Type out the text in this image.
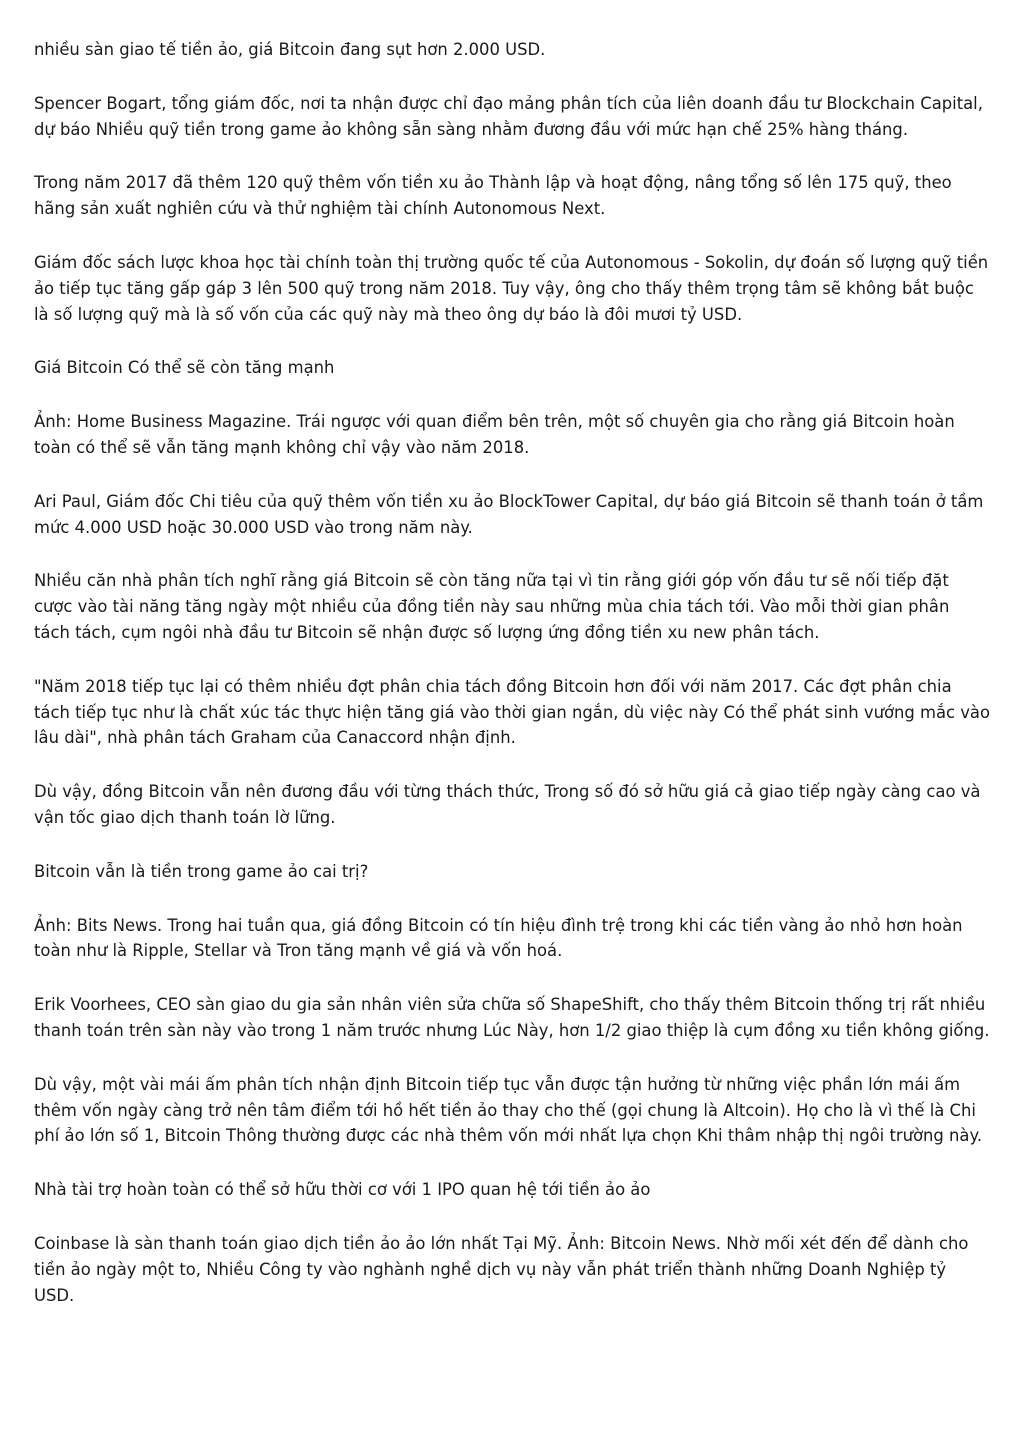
nhiều sàn giao tế tiền ảo, giá Bitcoin đang sụt hơn 2.000 USD.

Spencer Bogart, tổng giám đốc, nơi ta nhận được chỉ đạo mảng phân tích của liên doanh đầu tư Blockchain Capital, dự báo Nhiều quỹ tiền trong game ảo không sẵn sàng nhằm đương đầu với mức hạn chế 25% hàng tháng.

Trong năm 2017 đã thêm 120 quỹ thêm vốn tiền xu ảo Thành lập và hoạt động, nâng tổng số lên 175 quỹ, theo hãng sản xuất nghiên cứu và thử nghiệm tài chính Autonomous Next.

Giám đốc sách lược khoa học tài chính toàn thị trường quốc tế của Autonomous - Sokolin, dự đoán số lượng quỹ tiền ảo tiếp tục tăng gấp gáp 3 lên 500 quỹ trong năm 2018. Tuy vậy, ông cho thấy thêm trọng tâm sẽ không bắt buộc là số lượng quỹ mà là số vốn của các quỹ này mà theo ông dự báo là đôi mươi tỷ USD.

Giá Bitcoin Có thể sẽ còn tăng mạnh

Ảnh: Home Business Magazine. Trái ngược với quan điểm bên trên, một số chuyên gia cho rằng giá Bitcoin hoàn toàn có thể sẽ vẫn tăng mạnh không chỉ vậy vào năm 2018.

Ari Paul, Giám đốc Chi tiêu của quỹ thêm vốn tiền xu ảo BlockTower Capital, dự báo giá Bitcoin sẽ thanh toán ở tầm mức 4.000 USD hoặc 30.000 USD vào trong năm này.

Nhiều căn nhà phân tích nghĩ rằng giá Bitcoin sẽ còn tăng nữa tại vì tin rằng giới góp vốn đầu tư sẽ nối tiếp đặt cược vào tài năng tăng ngày một nhiều của đồng tiền này sau những mùa chia tách tới. Vào mỗi thời gian phân tách tách, cụm ngôi nhà đầu tư Bitcoin sẽ nhận được số lượng ứng đồng tiền xu new phân tách.

"Năm 2018 tiếp tục lại có thêm nhiều đợt phân chia tách đồng Bitcoin hơn đối với năm 2017. Các đợt phân chia tách tiếp tục như là chất xúc tác thực hiện tăng giá vào thời gian ngắn, dù việc này Có thể phát sinh vướng mắc vào lâu dài", nhà phân tách Graham của Canaccord nhận định.

Dù vậy, đồng Bitcoin vẫn nên đương đầu với từng thách thức, Trong số đó sở hữu giá cả giao tiếp ngày càng cao và vận tốc giao dịch thanh toán lờ lững.

Bitcoin vẫn là tiền trong game ảo cai trị?

Ảnh: Bits News. Trong hai tuần qua, giá đồng Bitcoin có tín hiệu đình trệ trong khi các tiền vàng ảo nhỏ hơn hoàn toàn như là Ripple, Stellar và Tron tăng mạnh về giá và vốn hoá.

Erik Voorhees, CEO sàn giao du gia sản nhân viên sửa chữa số ShapeShift, cho thấy thêm Bitcoin thống trị rất nhiều thanh toán trên sàn này vào trong 1 năm trước nhưng Lúc Này, hơn 1/2 giao thiệp là cụm đồng xu tiền không giống.

Dù vậy, một vài mái ấm phân tích nhận định Bitcoin tiếp tục vẫn được tận hưởng từ những việc phần lớn mái ấm thêm vốn ngày càng trở nên tâm điểm tới hồ hết tiền ảo thay cho thế (gọi chung là Altcoin). Họ cho là vì thế là Chi phí ảo lớn số 1, Bitcoin Thông thường được các nhà thêm vốn mới nhất lựa chọn Khi thâm nhập thị ngôi trường này.

Nhà tài trợ hoàn toàn có thể sở hữu thời cơ với 1 IPO quan hệ tới tiền ảo ảo

Coinbase là sàn thanh toán giao dịch tiền ảo ảo lớn nhất Tại Mỹ. Ảnh: Bitcoin News. Nhờ mối xét đến để dành cho tiền ảo ngày một to, Nhiều Công ty vào nghành nghề dịch vụ này vẫn phát triển thành những Doanh Nghiệp tỷ USD.
